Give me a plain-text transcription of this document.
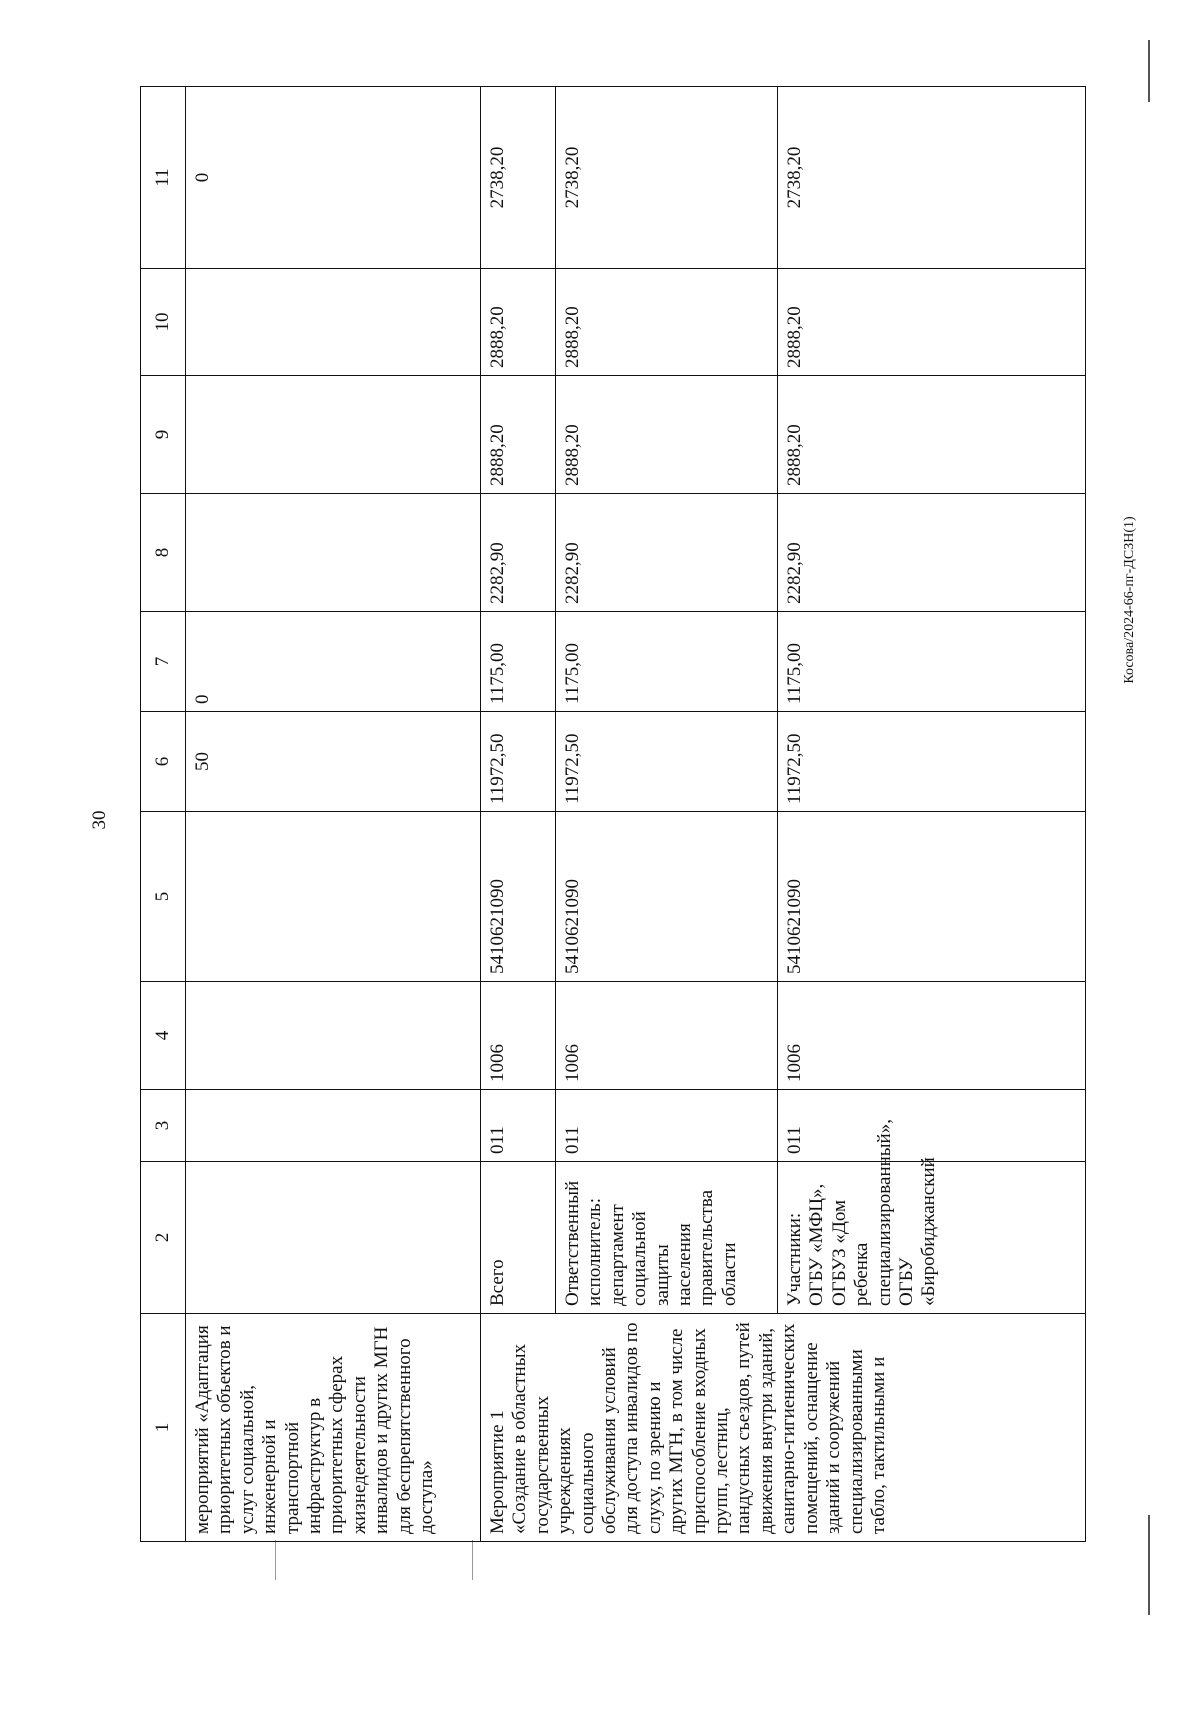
30
Косова/2024-66-пг-ДСЗН(1)
1	2	3	4	5	6	7	8	9	10	11
мероприятий «Адаптация приоритетных объектов и услуг социальной, инженерной и транспортной инфраструктур в приоритетных сферах жизнедеятельности инвалидов и других МГН для беспрепятственного доступа»					50	0				0
Мероприятие 1 «Создание в областных государственных учреждениях социального обслуживания условий для доступа инвалидов по слуху, по зрению и других МГН, в том числе приспособление входных групп, лестниц, пандусных съездов, путей движения внутри зданий, санитарно-гигиенических помещений, оснащение зданий и сооружений специализированными табло, тактильными и	Всего	011	1006	5410621090	11972,50	1175,00	2282,90	2888,20	2888,20	2738,20
	Ответственный исполнитель: департамент социальной защиты населения правительства области	011	1006	5410621090	11972,50	1175,00	2282,90	2888,20	2888,20	2738,20
	Участники: ОГБУ «МФЦ», ОГБУЗ «Дом ребенка специализированный», ОГБУ «Биробиджанский	011	1006	5410621090	11972,50	1175,00	2282,90	2888,20	2888,20	2738,20
